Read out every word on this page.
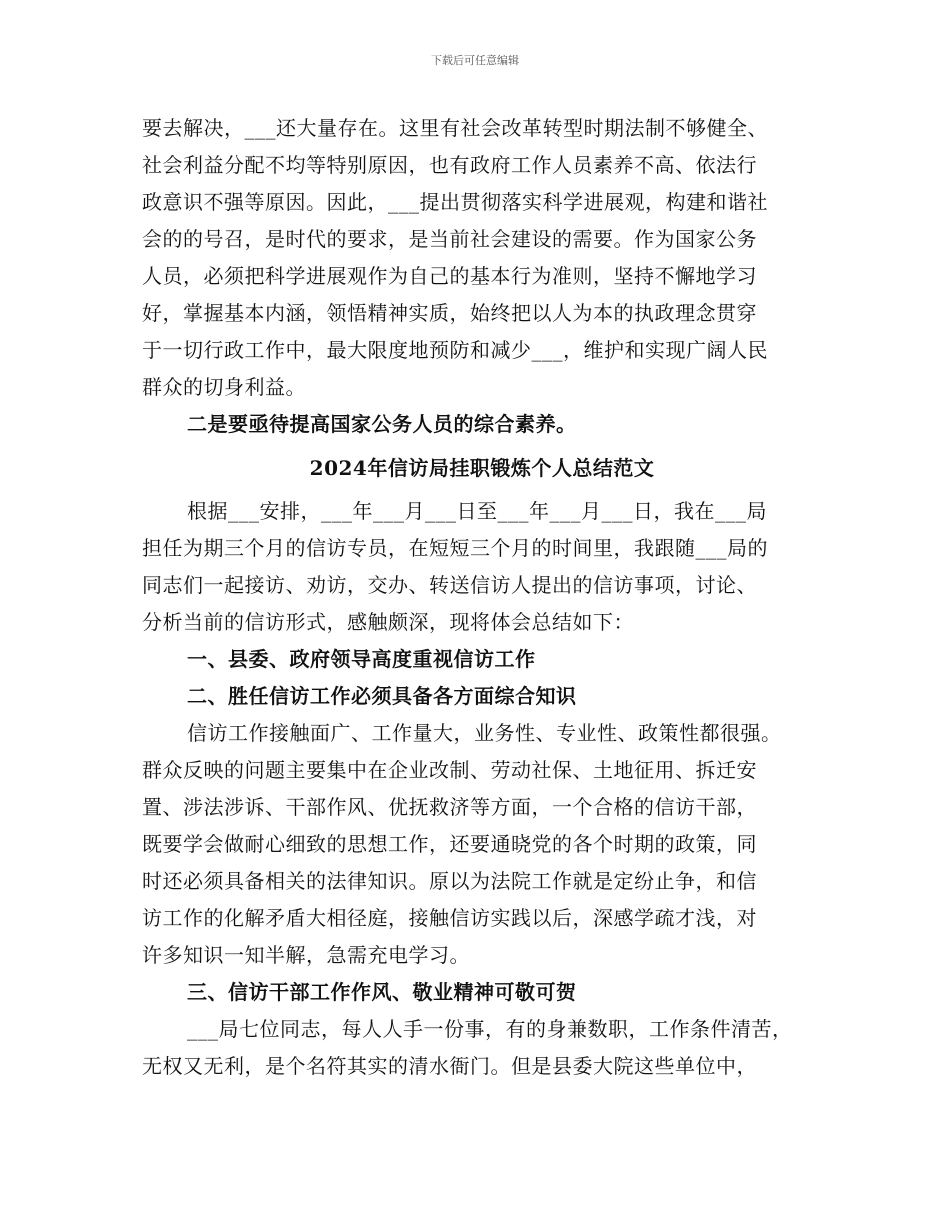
下载后可任意编辑
要去解决，___还大量存在。这里有社会改革转型时期法制不够健全、
社会利益分配不均等特别原因，也有政府工作人员素养不高、依法行
政意识不强等原因。因此，___提出贯彻落实科学进展观，构建和谐社
会的的号召，是时代的要求，是当前社会建设的需要。作为国家公务
人员，必须把科学进展观作为自己的基本行为准则，坚持不懈地学习
好，掌握基本内涵，领悟精神实质，始终把以人为本的执政理念贯穿
于一切行政工作中，最大限度地预防和减少___，维护和实现广阔人民
群众的切身利益。
二是要亟待提高国家公务人员的综合素养。
2024年信访局挂职锻炼个人总结范文
根据___安排，___年___月___日至___年___月___日，我在___局
担任为期三个月的信访专员，在短短三个月的时间里，我跟随___局的
同志们一起接访、劝访，交办、转送信访人提出的信访事项，讨论、
分析当前的信访形式，感触颇深，现将体会总结如下：
一、县委、政府领导高度重视信访工作
二、胜任信访工作必须具备各方面综合知识
信访工作接触面广、工作量大，业务性、专业性、政策性都很强。
群众反映的问题主要集中在企业改制、劳动社保、土地征用、拆迁安
置、涉法涉诉、干部作风、优抚救济等方面，一个合格的信访干部，
既要学会做耐心细致的思想工作，还要通晓党的各个时期的政策，同
时还必须具备相关的法律知识。原以为法院工作就是定纷止争，和信
访工作的化解矛盾大相径庭，接触信访实践以后，深感学疏才浅，对
许多知识一知半解，急需充电学习。
三、信访干部工作作风、敬业精神可敬可贺
___局七位同志，每人人手一份事，有的身兼数职，工作条件清苦，
无权又无利，是个名符其实的清水衙门。但是县委大院这些单位中，
